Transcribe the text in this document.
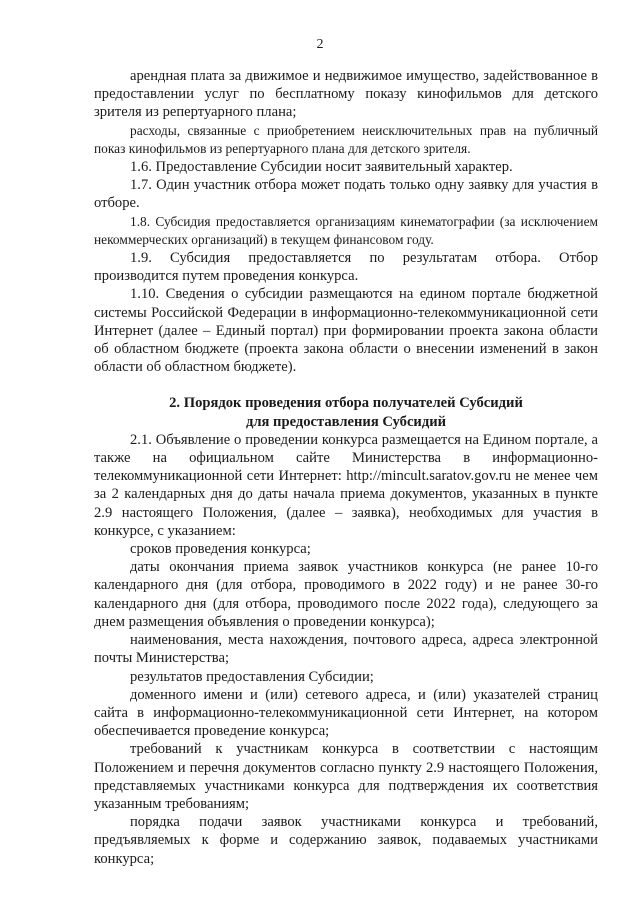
2

арендная плата за движимое и недвижимое имущество, задействованное в предоставлении услуг по бесплатному показу кинофильмов для детского зрителя из репертуарного плана;

расходы, связанные с приобретением неисключительных прав на публичный показ кинофильмов из репертуарного плана для детского зрителя.

1.6. Предоставление Субсидии носит заявительный характер.

1.7. Один участник отбора может подать только одну заявку для участия в отборе.

1.8. Субсидия предоставляется организациям кинематографии (за исключением некоммерческих организаций) в текущем финансовом году.

1.9. Субсидия предоставляется по результатам отбора. Отбор производится путем проведения конкурса.

1.10. Сведения о субсидии размещаются на едином портале бюджетной системы Российской Федерации в информационно-телекоммуникационной сети Интернет (далее – Единый портал) при формировании проекта закона области об областном бюджете (проекта закона области о внесении изменений в закон области об областном бюджете).

2. Порядок проведения отбора получателей Субсидий
для предоставления Субсидий

2.1. Объявление о проведении конкурса размещается на Едином портале, а также на официальном сайте Министерства в информационно-телекоммуникационной сети Интернет: http://mincult.saratov.gov.ru не менее чем за 2 календарных дня до даты начала приема документов, указанных в пункте 2.9 настоящего Положения, (далее – заявка), необходимых для участия в конкурсе, с указанием:

сроков проведения конкурса;

даты окончания приема заявок участников конкурса (не ранее 10-го календарного дня (для отбора, проводимого в 2022 году) и не ранее 30-го календарного дня (для отбора, проводимого после 2022 года), следующего за днем размещения объявления о проведении конкурса);

наименования, места нахождения, почтового адреса, адреса электронной почты Министерства;

результатов предоставления Субсидии;

доменного имени и (или) сетевого адреса, и (или) указателей страниц сайта в информационно-телекоммуникационной сети Интернет, на котором обеспечивается проведение конкурса;

требований к участникам конкурса в соответствии с настоящим Положением и перечня документов согласно пункту 2.9 настоящего Положения, представляемых участниками конкурса для подтверждения их соответствия указанным требованиям;

порядка подачи заявок участниками конкурса и требований, предъявляемых к форме и содержанию заявок, подаваемых участниками конкурса;
